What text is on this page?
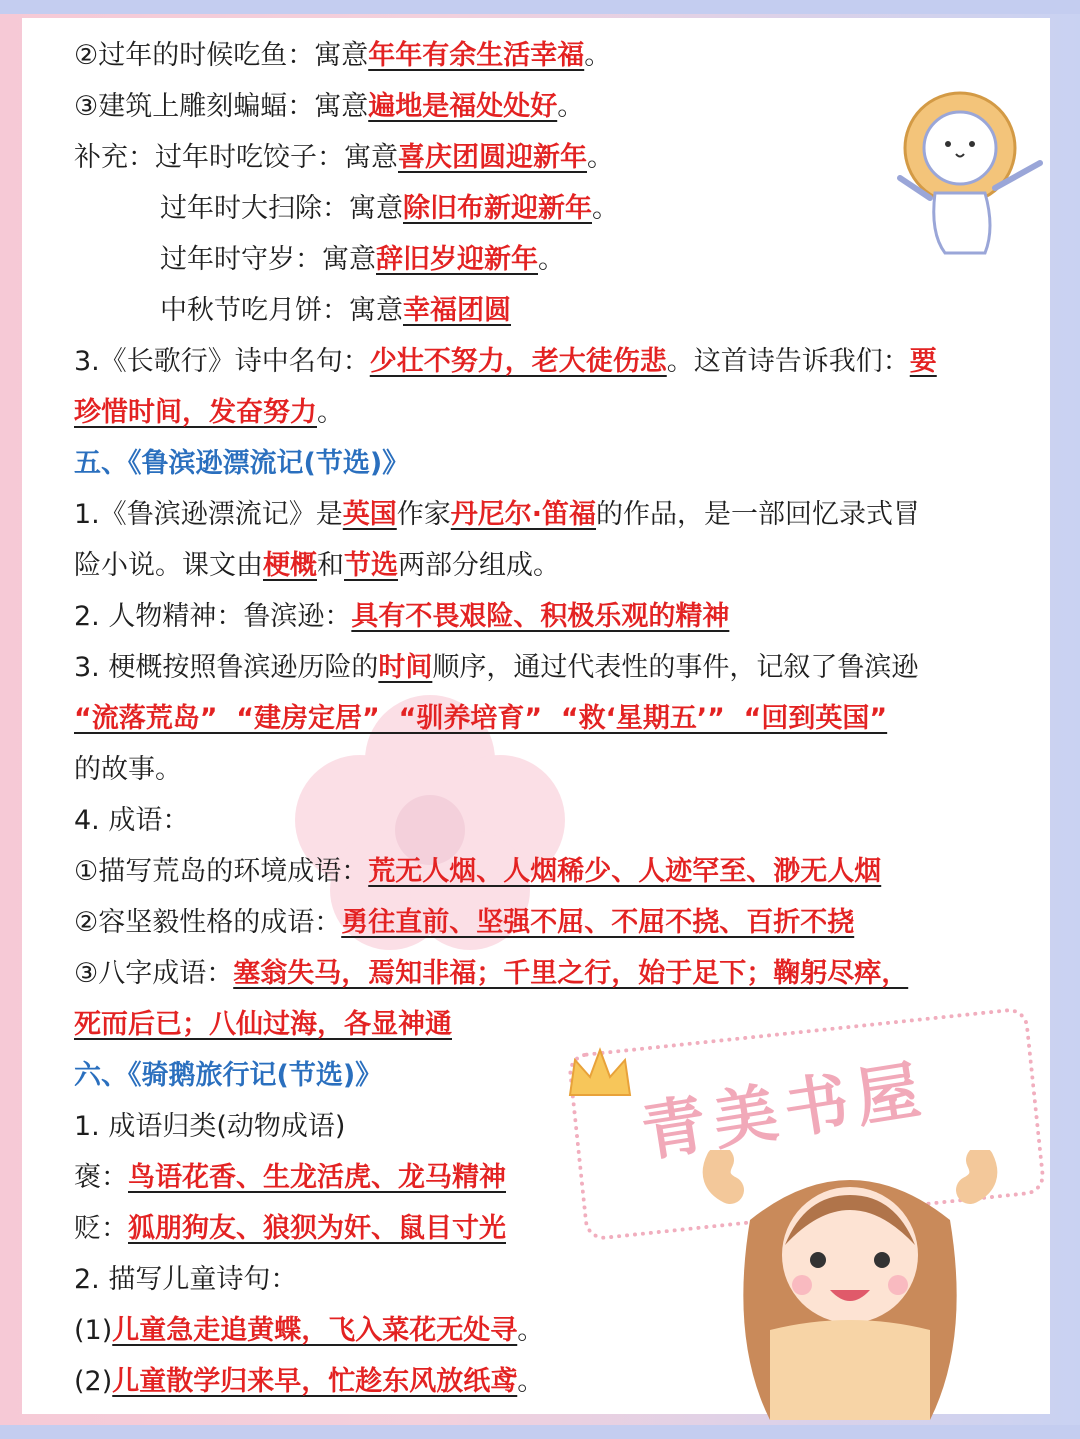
青美书屋
②过年的时候吃鱼：寓意年年有余生活幸福。
③建筑上雕刻蝙蝠：寓意遍地是福处处好。
补充：过年时吃饺子：寓意喜庆团圆迎新年。
过年时大扫除：寓意除旧布新迎新年。
过年时守岁：寓意辞旧岁迎新年。
中秋节吃月饼：寓意幸福团圆
3.《长歌行》诗中名句：少壮不努力，老大徒伤悲。这首诗告诉我们：要
珍惜时间，发奋努力。
五、《鲁滨逊漂流记(节选)》
1.《鲁滨逊漂流记》是英国作家丹尼尔·笛福的作品，是一部回忆录式冒
险小说。课文由梗概和节选两部分组成。
2. 人物精神：鲁滨逊：具有不畏艰险、积极乐观的精神
3. 梗概按照鲁滨逊历险的时间顺序，通过代表性的事件，记叙了鲁滨逊
“流落荒岛”  “建房定居”  “驯养培育”  “救‘星期五’”  “回到英国”
的故事。
4. 成语：
①描写荒岛的环境成语：荒无人烟、人烟稀少、人迹罕至、渺无人烟
②容坚毅性格的成语：勇往直前、坚强不屈、不屈不挠、百折不挠
③八字成语：塞翁失马，焉知非福；千里之行，始于足下；鞠躬尽瘁，
死而后已；八仙过海，各显神通
六、《骑鹅旅行记(节选)》
1. 成语归类(动物成语)
褒：鸟语花香、生龙活虎、龙马精神
贬：狐朋狗友、狼狈为奸、鼠目寸光
2. 描写儿童诗句：
(1)儿童急走追黄蝶，飞入菜花无处寻。
(2)儿童散学归来早，忙趁东风放纸鸢。
